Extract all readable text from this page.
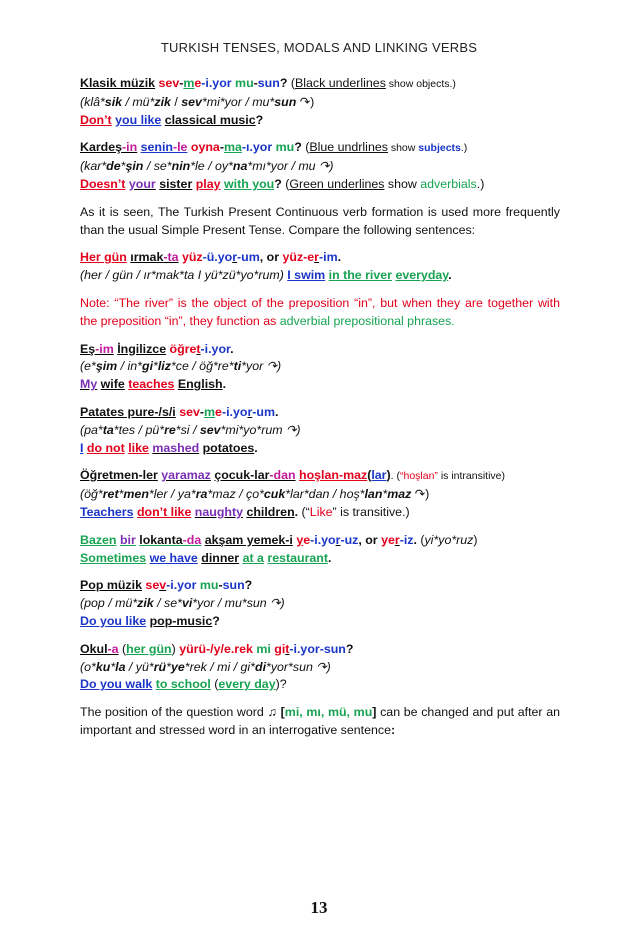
TURKISH TENSES, MODALS AND LINKING VERBS
Klasik müzik sev-me-i.yor mu-sun? (Black underlines show objects.)
(klâ*sik / mü*zik / sev*mi*yor / mu*sun ↷)
Don’t you like classical music?
Kardeş-in senin-le oyna-ma-ı.yor mu? (Blue undrlines show subjects.)
(kar*de*şin / se*nin*le / oy*na*mı*yor / mu ↷)
Doesn’t your sister play with you? (Green underlines show adverbials.)
As it is seen, The Turkish Present Continuous verb formation is used more frequently than the usual Simple Present Tense. Compare the following sentences:
Her gün ırmak-ta yüz-ü.yor-um, or yüz-er-im.
(her / gün / ır*mak*ta I yü*zü*yo*rum) I swim in the river everyday.
Note: “The river” is the object of the preposition “in”, but when they are together with the preposition “in”, they function as adverbial prepositional phrases.
Eş-im İngilizce öğret-i.yor.
(e*şim / in*gi*liz*ce / öğ*re*ti*yor ↷)
My wife teaches English.
Patates pure-/s/i sev-me-i.yor-um.
(pa*ta*tes / pü*re*si / sev*mi*yo*rum ↷)
I do not like mashed potatoes.
Öğretmen-ler yaramaz çocuk-lar-dan hoşlan-maz(lar). (“hoşlan” is intransitive)
(öğ*ret*men*ler / ya*ra*maz / ço*cuk*lar*dan / hoş*lan*maz ↷)
Teachers don’t like naughty children. (“Like” is transitive.)
Bazen bir lokanta-da akşam yemek-i ye-i.yor-uz, or yer-iz. (yi*yo*ruz)
Sometimes we have dinner at a restaurant.
Pop müzik sev-i.yor mu-sun?
(pop / mü*zik / se*vi*yor / mu*sun ↷)
Do you like pop-music?
Okul-a (her gün) yürü-/y/e.rek mi git-i.yor-sun?
(o*ku*la / yü*rü*ye*rek / mi / gi*di*yor*sun ↷)
Do you walk to school (every day)?
The position of the question word ♫ [mi, mı, mü, mu] can be changed and put after an important and stressed word in an interrogative sentence:
13
